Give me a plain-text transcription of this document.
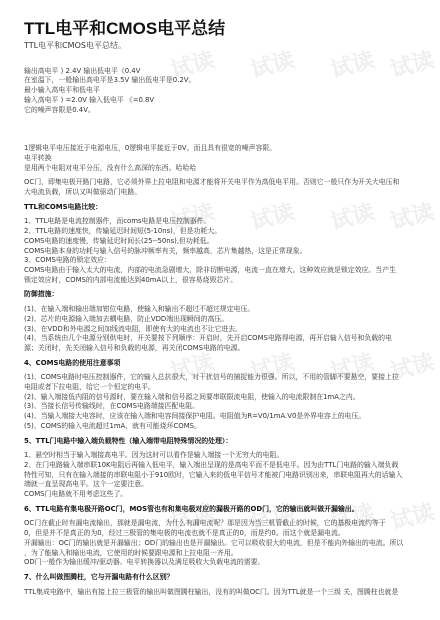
试读
试读
试读
试读
试读
试读
试读
试读
试读
试读
试读
试读
试读
试读
试读
试读
TTL电平和CMOS电平总结

TTL电平和CMOS电平总结。

输出高电平 ) 2.4V 输出低电平《0.4V

在室温下，一般输出高电平是3.5V 输出低电平是0.2V。

最小输入高电平和低电平

输入高电平 ) =2.0V 输入低电平 《=0.8V

它的噪声容限是0.4V。

1逻辑电平电压接近于电源电压，0逻辑电平接近于0V。而且具有很宽的噪声容限。

电平转换

是用两个电阻对电平分压，没有什么高深的东西。哈哈哈

OC门，即集电极开路门电路，它必须外界上拉电阻和电源才能将开关电平作为高低电平用。否则它一般只作为开关大电压和

大电流负载，所以又叫做驱动门电路。

TTL和COMS电路比较：

1、TTL电路是电流控制器件，而coms电路是电压控制器件。

2、TTL电路的速度快，传输延迟时间短(5-10ns)，但是功耗大。

COMS电路的速度慢，传输延迟时间长(25--50ns),但功耗低。

COMS电路本身的功耗与输入信号的脉冲频率有关，频率越高，芯片集越热，这是正常现象。

3、COMS电路的锁定效应：

COMS电路由于输入太大的电流，内部的电流急剧增大，除非切断电源，电流一直在增大。这种效应就是锁定效应。当产生

锁定效应时，COMS的内部电流能达到40mA以上，很容易烧毁芯片。

防御措施：

(1)、在输入端和输出端加钳位电路，使输入和输出不超过不超过规定电压。

(2)、芯片的电源输入端加去耦电路，防止VDD端出现瞬间的高压。

(3)、在VDD和外电源之间加线流电阻，即使有大的电流也不让它进去。

(4)、当系统由几个电源分别供电时，开关要按下列顺序：开启时，先开启COMS电路得电源，再开启输入信号和负载的电

源；关闭时，先关闭输入信号和负载的电源，再关闭COMS电路的电源。

4、COMS电路的使用注意事项

(1)、COMS电路时电压控制器件，它的输入总抗很大，对干扰信号的捕捉能力很强。所以，不用的管脚不要悬空，要接上拉

电阻或者下拉电阻，给它一个恒定的电平。

(2)、输入端接低内阻的信号源时，要在输入端和信号源之间要串联限流电阻，使输入的电流限制在1mA之内。

(3)、当接长信号传输线时，在COMS电路端接匹配电阻。

(4)、当输入端接大电容时，应该在输入端和电容间接保护电阻。电阻值为R=V0/1mA.V0是外界电容上的电压。

(5)、COMS的输入电流超过1mA，就有可能烧坏COMS。

5、TTL门电路中输入端负载特性（输入端带电阻特殊情况的处理）：

1、悬空时相当于输入端接高电平。因为这时可以看作是输入端接一个无穷大的电阻。

2、在门电路输入端串联10K电阻后再输入低电平，输入端出呈现的是高电平而不是低电平。因为由TTL门电路的输入端负载

特性可知，只有在输入端接的串联电阻小于910欧时，它输入来的低电平信号才能被门电路识别出来，串联电阻再大的话输入

端就一直呈现高电平。这个一定要注意。

COMS门电路就不用考虑这些了。

6、TTL电路有集电极开路OC门，MOS管也有和集电极对应的漏极开路的OD门，它的输出就叫做开漏输出。

OC门在截止时有漏电流输出，那就是漏电流，为什么有漏电流呢？那是因为当三机管截止的时候，它的基极电流约等于

0，但是并不是真正的为0，经过三极管的集电极的电流也就不是真正的0，而是约0。而这个就是漏电流。

开漏输出：OC门的输出就是开漏输出；OD门的输出也是开漏输出。它可以吸收很大的电流，但是不能向外输出的电流。所以

，为了能输入和输出电流，它使用的时候要跟电源和上拉电阻一齐用。

OD门一般作为输出缓冲/驱动器、电平转换器以及满足吸收大负载电流的需要。

7、什么叫做图腾柱，它与开漏电路有什么区别？

TTL集成电路中，输出有接上拉三极管的输出叫做图腾柱输出，没有的叫做OC门。因为TTL就是一个三级 关，图腾柱也就是
